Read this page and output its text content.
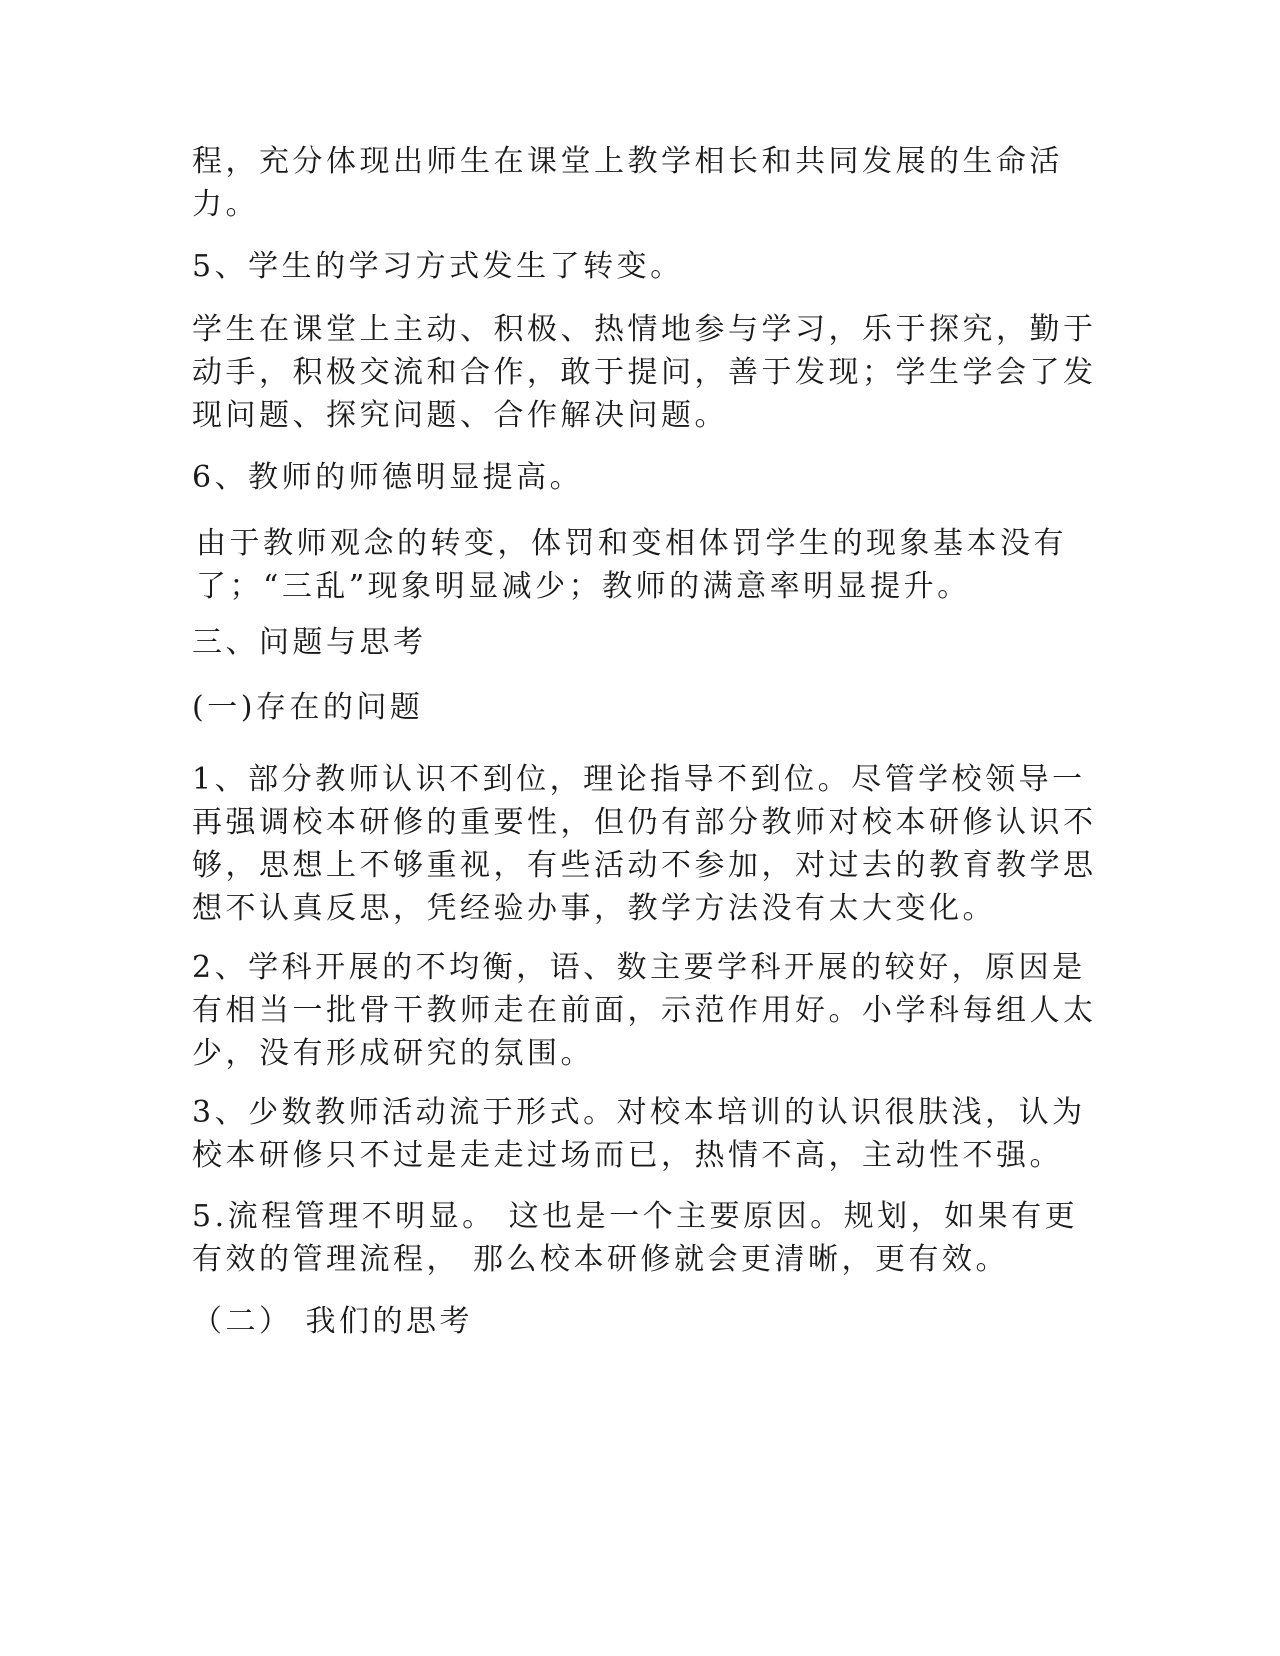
程，充分体现出师生在课堂上教学相长和共同发展的生命活
力。

5、学生的学习方式发生了转变。

学生在课堂上主动、积极、热情地参与学习，乐于探究，勤于
动手，积极交流和合作，敢于提问，善于发现；学生学会了发
现问题、探究问题、合作解决问题。

6、教师的师德明显提高。

由于教师观念的转变，体罚和变相体罚学生的现象基本没有
了；“三乱”现象明显减少；教师的满意率明显提升。

三、问题与思考

(一)存在的问题

1、部分教师认识不到位，理论指导不到位。尽管学校领导一
再强调校本研修的重要性，但仍有部分教师对校本研修认识不
够，思想上不够重视，有些活动不参加，对过去的教育教学思
想不认真反思，凭经验办事，教学方法没有太大变化。

2、学科开展的不均衡，语、数主要学科开展的较好，原因是
有相当一批骨干教师走在前面，示范作用好。小学科每组人太
少，没有形成研究的氛围。

3、少数教师活动流于形式。对校本培训的认识很肤浅，认为
校本研修只不过是走走过场而已，热情不高，主动性不强。

5.流程管理不明显。 这也是一个主要原因。规划，如果有更
有效的管理流程， 那么校本研修就会更清晰，更有效。

（二） 我们的思考
